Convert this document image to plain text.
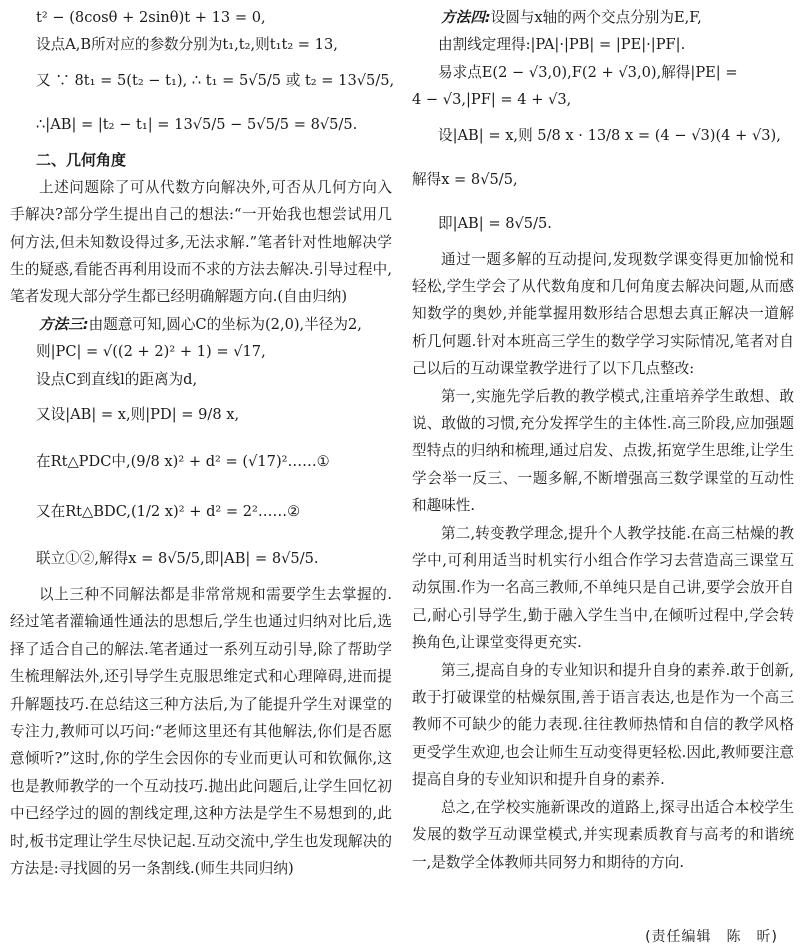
t² − (8cosθ + 2sinθ)t + 13 = 0,
设点A,B所对应的参数分别为t₁,t₂,则t₁t₂ = 13,
又 ∵ 8t₁ = 5(t₂ − t₁), ∴ t₁ = 5√5/5 或 t₂ = 13√5/5,
∴|AB| = |t₂ − t₁| = 13√5/5 − 5√5/5 = 8√5/5.
二、几何角度

上述问题除了可从代数方向解决外,可否从几何方向入手解决?部分学生提出自己的想法:“一开始我也想尝试用几何方法,但未知数设得过多,无法求解.”笔者针对性地解决学生的疑惑,看能否再利用设而不求的方法去解决.引导过程中,笔者发现大部分学生都已经明确解题方向.(自由归纳)

方法三:由题意可知,圆心C的坐标为(2,0),半径为2,

则|PC| = √((2 + 2)² + 1) = √17,
设点C到直线l的距离为d,
又设|AB| = x,则|PD| = 9/8 x,
在Rt△PDC中,(9/8 x)² + d² = (√17)²……①
又在Rt△BDC,(1/2 x)² + d² = 2²……②
联立①②,解得x = 8√5/5,即|AB| = 8√5/5.

以上三种不同解法都是非常常规和需要学生去掌握的.经过笔者灌输通性通法的思想后,学生也通过归纳对比后,选择了适合自己的解法.笔者通过一系列互动引导,除了帮助学生梳理解法外,还引导学生克服思维定式和心理障碍,进而提升解题技巧.在总结这三种方法后,为了能提升学生对课堂的专注力,教师可以巧问:“老师这里还有其他解法,你们是否愿意倾听?”这时,你的学生会因你的专业而更认可和钦佩你,这也是教师教学的一个互动技巧.抛出此问题后,让学生回忆初中已经学过的圆的割线定理,这种方法是学生不易想到的,此时,板书定理让学生尽快记起.互动交流中,学生也发现解决的方法是:寻找圆的另一条割线.(师生共同归纳)

方法四:设圆与x轴的两个交点分别为E,F,

由割线定理得:|PA|·|PB| = |PE|·|PF|.
易求点E(2 − √3,0),F(2 + √3,0),解得|PE| =
4 − √3,|PF| = 4 + √3,
设|AB| = x,则 5/8 x · 13/8 x = (4 − √3)(4 + √3),
解得x = 8√5/5,
即|AB| = 8√5/5.

通过一题多解的互动提问,发现数学课变得更加愉悦和轻松,学生学会了从代数角度和几何角度去解决问题,从而感知数学的奥妙,并能掌握用数形结合思想去真正解决一道解析几何题.针对本班高三学生的数学学习实际情况,笔者对自己以后的互动课堂教学进行了以下几点整改:

第一,实施先学后教的教学模式,注重培养学生敢想、敢说、敢做的习惯,充分发挥学生的主体性.高三阶段,应加强题型特点的归纳和梳理,通过启发、点拨,拓宽学生思维,让学生学会举一反三、一题多解,不断增强高三数学课堂的互动性和趣味性.

第二,转变教学理念,提升个人教学技能.在高三枯燥的教学中,可利用适当时机实行小组合作学习去营造高三课堂互动氛围.作为一名高三教师,不单纯只是自己讲,要学会放开自己,耐心引导学生,勤于融入学生当中,在倾听过程中,学会转换角色,让课堂变得更充实.

第三,提高自身的专业知识和提升自身的素养.敢于创新,敢于打破课堂的枯燥氛围,善于语言表达,也是作为一个高三教师不可缺少的能力表现.往往教师热情和自信的教学风格更受学生欢迎,也会让师生互动变得更轻松.因此,教师要注意提高自身的专业知识和提升自身的素养.

总之,在学校实施新课改的道路上,探寻出适合本校学生发展的数学互动课堂模式,并实现素质教育与高考的和谐统一,是数学全体教师共同努力和期待的方向.

(责任编辑　陈　昕)
